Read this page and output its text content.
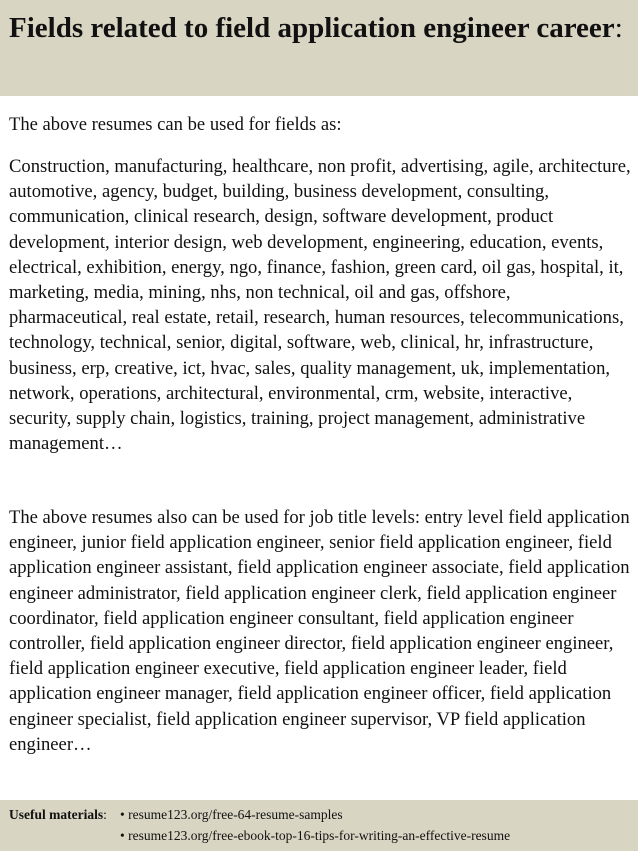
Fields related to field application engineer career:

The above resumes can be used for fields as:

Construction, manufacturing, healthcare, non profit, advertising, agile, architecture, automotive, agency, budget, building, business development, consulting, communication, clinical research, design, software development, product development, interior design, web development, engineering, education, events, electrical, exhibition, energy, ngo, finance, fashion, green card, oil gas, hospital, it, marketing, media, mining, nhs, non technical, oil and gas, offshore, pharmaceutical, real estate, retail, research, human resources, telecommunications, technology, technical, senior, digital, software, web, clinical, hr, infrastructure, business, erp, creative, ict, hvac, sales, quality management, uk, implementation, network, operations, architectural, environmental, crm, website, interactive, security, supply chain, logistics, training, project management, administrative management…

The above resumes also can be used for job title levels: entry level field application engineer, junior field application engineer, senior field application engineer, field application engineer assistant, field application engineer associate, field application engineer administrator, field application engineer clerk, field application engineer coordinator, field application engineer consultant, field application engineer controller, field application engineer director, field application engineer engineer, field application engineer executive, field application engineer leader, field application engineer manager, field application engineer officer, field application engineer specialist, field application engineer supervisor, VP field application engineer…

Useful materials: • resume123.org/free-64-resume-samples
• resume123.org/free-ebook-top-16-tips-for-writing-an-effective-resume
